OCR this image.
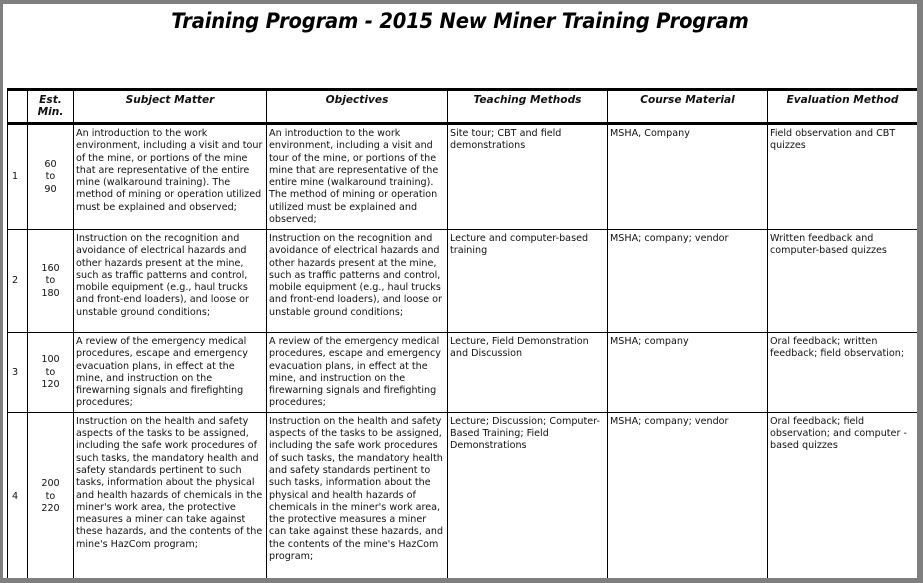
Training Program - 2015 New Miner Training Program
	Est. Min.	Subject Matter	Objectives	Teaching Methods	Course Material	Evaluation Method
1	60 to 90	An introduction to the work environment, including a visit and tour of the mine, or portions of the mine that are representative of the entire mine (walkaround training). The method of mining or operation utilized must be explained and observed;	An introduction to the work environment, including a visit and tour of the mine, or portions of the mine that are representative of the entire mine (walkaround training). The method of mining or operation utilized must be explained and observed;	Site tour; CBT and field demonstrations	MSHA, Company	Field observation and CBT quizzes
2	160 to 180	Instruction on the recognition and avoidance of electrical hazards and other hazards present at the mine, such as traffic patterns and control, mobile equipment (e.g., haul trucks and front-end loaders), and loose or unstable ground conditions;	Instruction on the recognition and avoidance of electrical hazards and other hazards present at the mine, such as traffic patterns and control, mobile equipment (e.g., haul trucks and front-end loaders), and loose or unstable ground conditions;	Lecture and computer-based training	MSHA; company; vendor	Written feedback and computer-based quizzes
3	100 to 120	A review of the emergency medical procedures, escape and emergency evacuation plans, in effect at the mine, and instruction on the firewarning signals and firefighting procedures;	A review of the emergency medical procedures, escape and emergency evacuation plans, in effect at the mine, and instruction on the firewarning signals and firefighting procedures;	Lecture, Field Demonstration and Discussion	MSHA; company	Oral feedback; written feedback; field observation;
4	200 to 220	Instruction on the health and safety aspects of the tasks to be assigned, including the safe work procedures of such tasks, the mandatory health and safety standards pertinent to such tasks, information about the physical and health hazards of chemicals in the miner's work area, the protective measures a miner can take against these hazards, and the contents of the mine's HazCom program;	Instruction on the health and safety aspects of the tasks to be assigned, including the safe work procedures of such tasks, the mandatory health and safety standards pertinent to such tasks, information about the physical and health hazards of chemicals in the miner's work area, the protective measures a miner can take against these hazards, and the contents of the mine's HazCom program;	Lecture; Discussion; Computer-Based Training; Field Demonstrations	MSHA; company; vendor	Oral feedback; field observation; and computer -based quizzes
